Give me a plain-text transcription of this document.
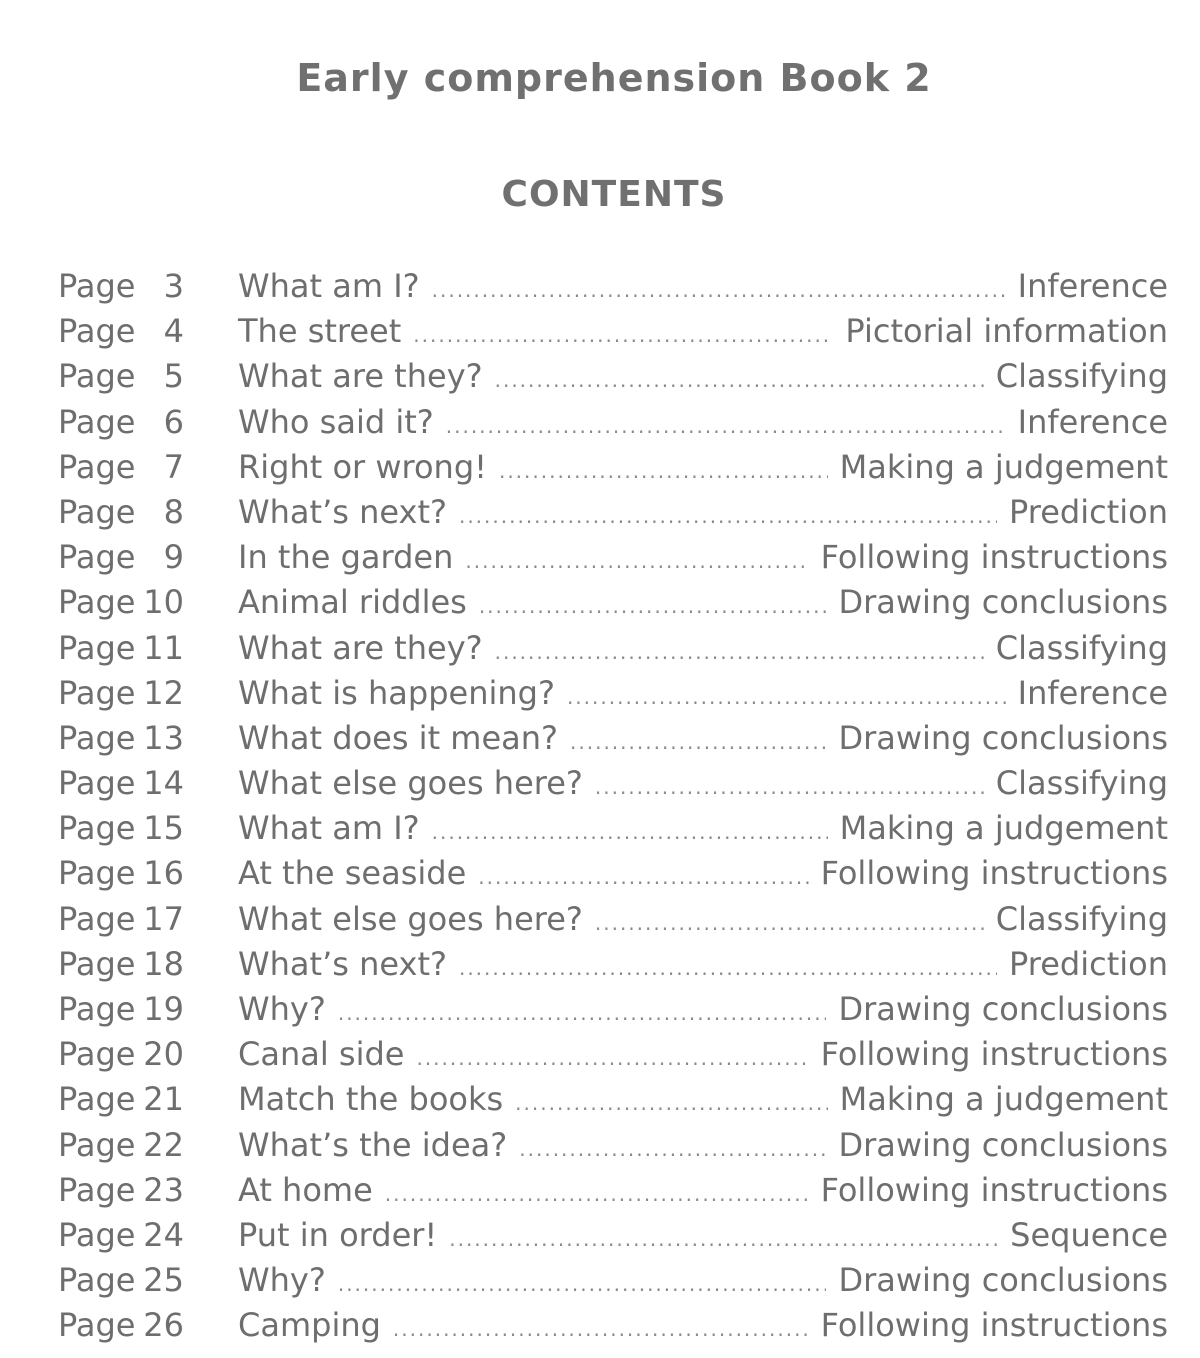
Early comprehension Book 2
CONTENTS
Page 3 What am I? .....	Inference
Page 4 The street .....	Pictorial information
Page 5 What are they? .....	Classifying
Page 6 Who said it? .....	Inference
Page 7 Right or wrong! .....	Making a judgement
Page 8 What’s next? .....	Prediction
Page 9 In the garden .....	Following instructions
Page 10 Animal riddles .....	Drawing conclusions
Page 11 What are they? .....	Classifying
Page 12 What is happening? .....	Inference
Page 13 What does it mean? .....	Drawing conclusions
Page 14 What else goes here? .....	Classifying
Page 15 What am I? .....	Making a judgement
Page 16 At the seaside .....	Following instructions
Page 17 What else goes here? .....	Classifying
Page 18 What’s next? .....	Prediction
Page 19 Why? .....	Drawing conclusions
Page 20 Canal side .....	Following instructions
Page 21 Match the books .....	Making a judgement
Page 22 What’s the idea? .....	Drawing conclusions
Page 23 At home .....	Following instructions
Page 24 Put in order! .....	Sequence
Page 25 Why? .....	Drawing conclusions
Page 26 Camping .....	Following instructions
